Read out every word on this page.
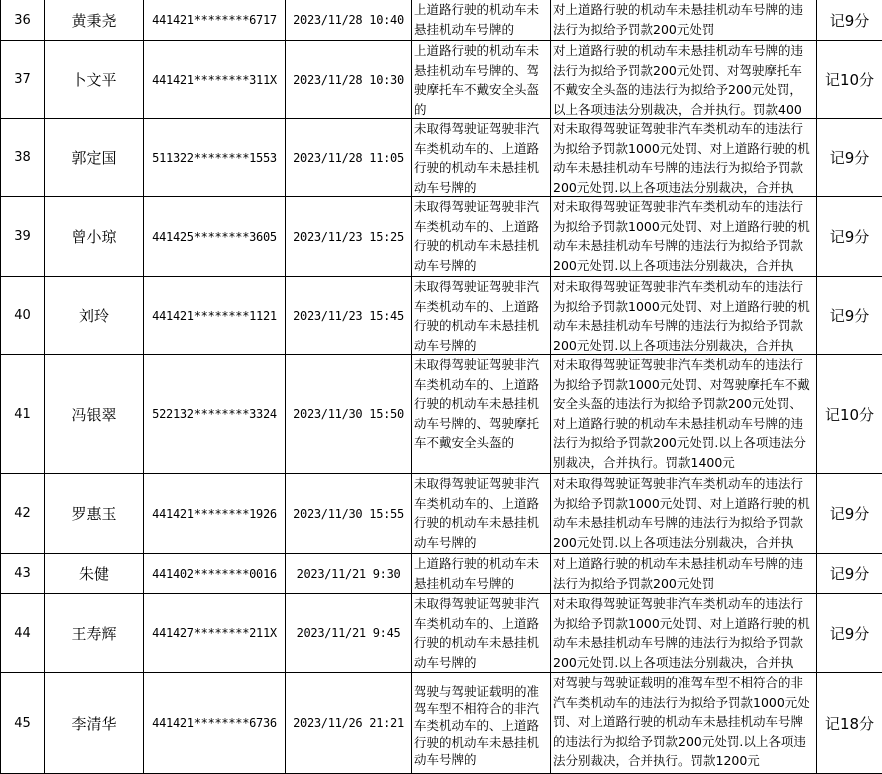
36	黄秉尧	441421********6717	2023/11/28 10:40	上道路行驶的机动车未悬挂机动车号牌的	对上道路行驶的机动车未悬挂机动车号牌的违法行为拟给予罚款200元处罚	记9分
37	卜文平	441421********311X	2023/11/28 10:30	上道路行驶的机动车未悬挂机动车号牌的、驾驶摩托车不戴安全头盔的	对上道路行驶的机动车未悬挂机动车号牌的违法行为拟给予罚款200元处罚、对驾驶摩托车不戴安全头盔的违法行为拟给予200元处罚，以上各项违法分别裁决，合并执行。罚款400	记10分
38	郭定国	511322********1553	2023/11/28 11:05	未取得驾驶证驾驶非汽车类机动车的、上道路行驶的机动车未悬挂机动车号牌的	对未取得驾驶证驾驶非汽车类机动车的违法行为拟给予罚款1000元处罚、对上道路行驶的机动车未悬挂机动车号牌的违法行为拟给予罚款200元处罚.以上各项违法分别裁决，合并执	记9分
39	曾小琼	441425********3605	2023/11/23 15:25	未取得驾驶证驾驶非汽车类机动车的、上道路行驶的机动车未悬挂机动车号牌的	对未取得驾驶证驾驶非汽车类机动车的违法行为拟给予罚款1000元处罚、对上道路行驶的机动车未悬挂机动车号牌的违法行为拟给予罚款200元处罚.以上各项违法分别裁决，合并执	记9分
40	刘玲	441421********1121	2023/11/23 15:45	未取得驾驶证驾驶非汽车类机动车的、上道路行驶的机动车未悬挂机动车号牌的	对未取得驾驶证驾驶非汽车类机动车的违法行为拟给予罚款1000元处罚、对上道路行驶的机动车未悬挂机动车号牌的违法行为拟给予罚款200元处罚.以上各项违法分别裁决，合并执	记9分
41	冯银翠	522132********3324	2023/11/30 15:50	未取得驾驶证驾驶非汽车类机动车的、上道路行驶的机动车未悬挂机动车号牌的、驾驶摩托车不戴安全头盔的	对未取得驾驶证驾驶非汽车类机动车的违法行为拟给予罚款1000元处罚、对驾驶摩托车不戴安全头盔的违法行为拟给予罚款200元处罚、对上道路行驶的机动车未悬挂机动车号牌的违法行为拟给予罚款200元处罚.以上各项违法分别裁决，合并执行。罚款1400元	记10分
42	罗惠玉	441421********1926	2023/11/30 15:55	未取得驾驶证驾驶非汽车类机动车的、上道路行驶的机动车未悬挂机动车号牌的	对未取得驾驶证驾驶非汽车类机动车的违法行为拟给予罚款1000元处罚、对上道路行驶的机动车未悬挂机动车号牌的违法行为拟给予罚款200元处罚.以上各项违法分别裁决，合并执	记9分
43	朱健	441402********0016	2023/11/21 9:30	上道路行驶的机动车未悬挂机动车号牌的	对上道路行驶的机动车未悬挂机动车号牌的违法行为拟给予罚款200元处罚	记9分
44	王寿辉	441427********211X	2023/11/21 9:45	未取得驾驶证驾驶非汽车类机动车的、上道路行驶的机动车未悬挂机动车号牌的	对未取得驾驶证驾驶非汽车类机动车的违法行为拟给予罚款1000元处罚、对上道路行驶的机动车未悬挂机动车号牌的违法行为拟给予罚款200元处罚.以上各项违法分别裁决，合并执	记9分
45	李清华	441421********6736	2023/11/26 21:21	驾驶与驾驶证载明的准驾车型不相符合的非汽车类机动车的、上道路行驶的机动车未悬挂机动车号牌的	对驾驶与驾驶证载明的准驾车型不相符合的非汽车类机动车的违法行为拟给予罚款1000元处罚、对上道路行驶的机动车未悬挂机动车号牌的违法行为拟给予罚款200元处罚.以上各项违法分别裁决，合并执行。罚款1200元	记18分
